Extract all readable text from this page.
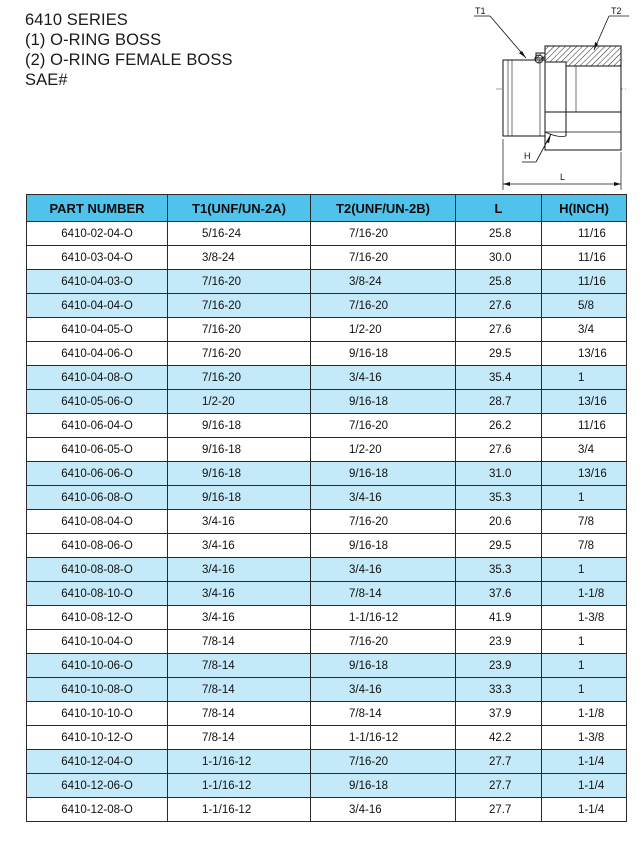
6410 SERIES
(1) O-RING BOSS
(2) O-RING FEMALE BOSS
SAE#
T1	T2
H
L
PART NUMBER	T1(UNF/UN-2A)	T2(UNF/UN-2B)	L	H(INCH)
6410-02-04-O	5/16-24	7/16-20	25.8	11/16
6410-03-04-O	3/8-24	7/16-20	30.0	11/16
6410-04-03-O	7/16-20	3/8-24	25.8	11/16
6410-04-04-O	7/16-20	7/16-20	27.6	5/8
6410-04-05-O	7/16-20	1/2-20	27.6	3/4
6410-04-06-O	7/16-20	9/16-18	29.5	13/16
6410-04-08-O	7/16-20	3/4-16	35.4	1
6410-05-06-O	1/2-20	9/16-18	28.7	13/16
6410-06-04-O	9/16-18	7/16-20	26.2	11/16
6410-06-05-O	9/16-18	1/2-20	27.6	3/4
6410-06-06-O	9/16-18	9/16-18	31.0	13/16
6410-06-08-O	9/16-18	3/4-16	35.3	1
6410-08-04-O	3/4-16	7/16-20	20.6	7/8
6410-08-06-O	3/4-16	9/16-18	29.5	7/8
6410-08-08-O	3/4-16	3/4-16	35.3	1
6410-08-10-O	3/4-16	7/8-14	37.6	1-1/8
6410-08-12-O	3/4-16	1-1/16-12	41.9	1-3/8
6410-10-04-O	7/8-14	7/16-20	23.9	1
6410-10-06-O	7/8-14	9/16-18	23.9	1
6410-10-08-O	7/8-14	3/4-16	33.3	1
6410-10-10-O	7/8-14	7/8-14	37.9	1-1/8
6410-10-12-O	7/8-14	1-1/16-12	42.2	1-3/8
6410-12-04-O	1-1/16-12	7/16-20	27.7	1-1/4
6410-12-06-O	1-1/16-12	9/16-18	27.7	1-1/4
6410-12-08-O	1-1/16-12	3/4-16	27.7	1-1/4
